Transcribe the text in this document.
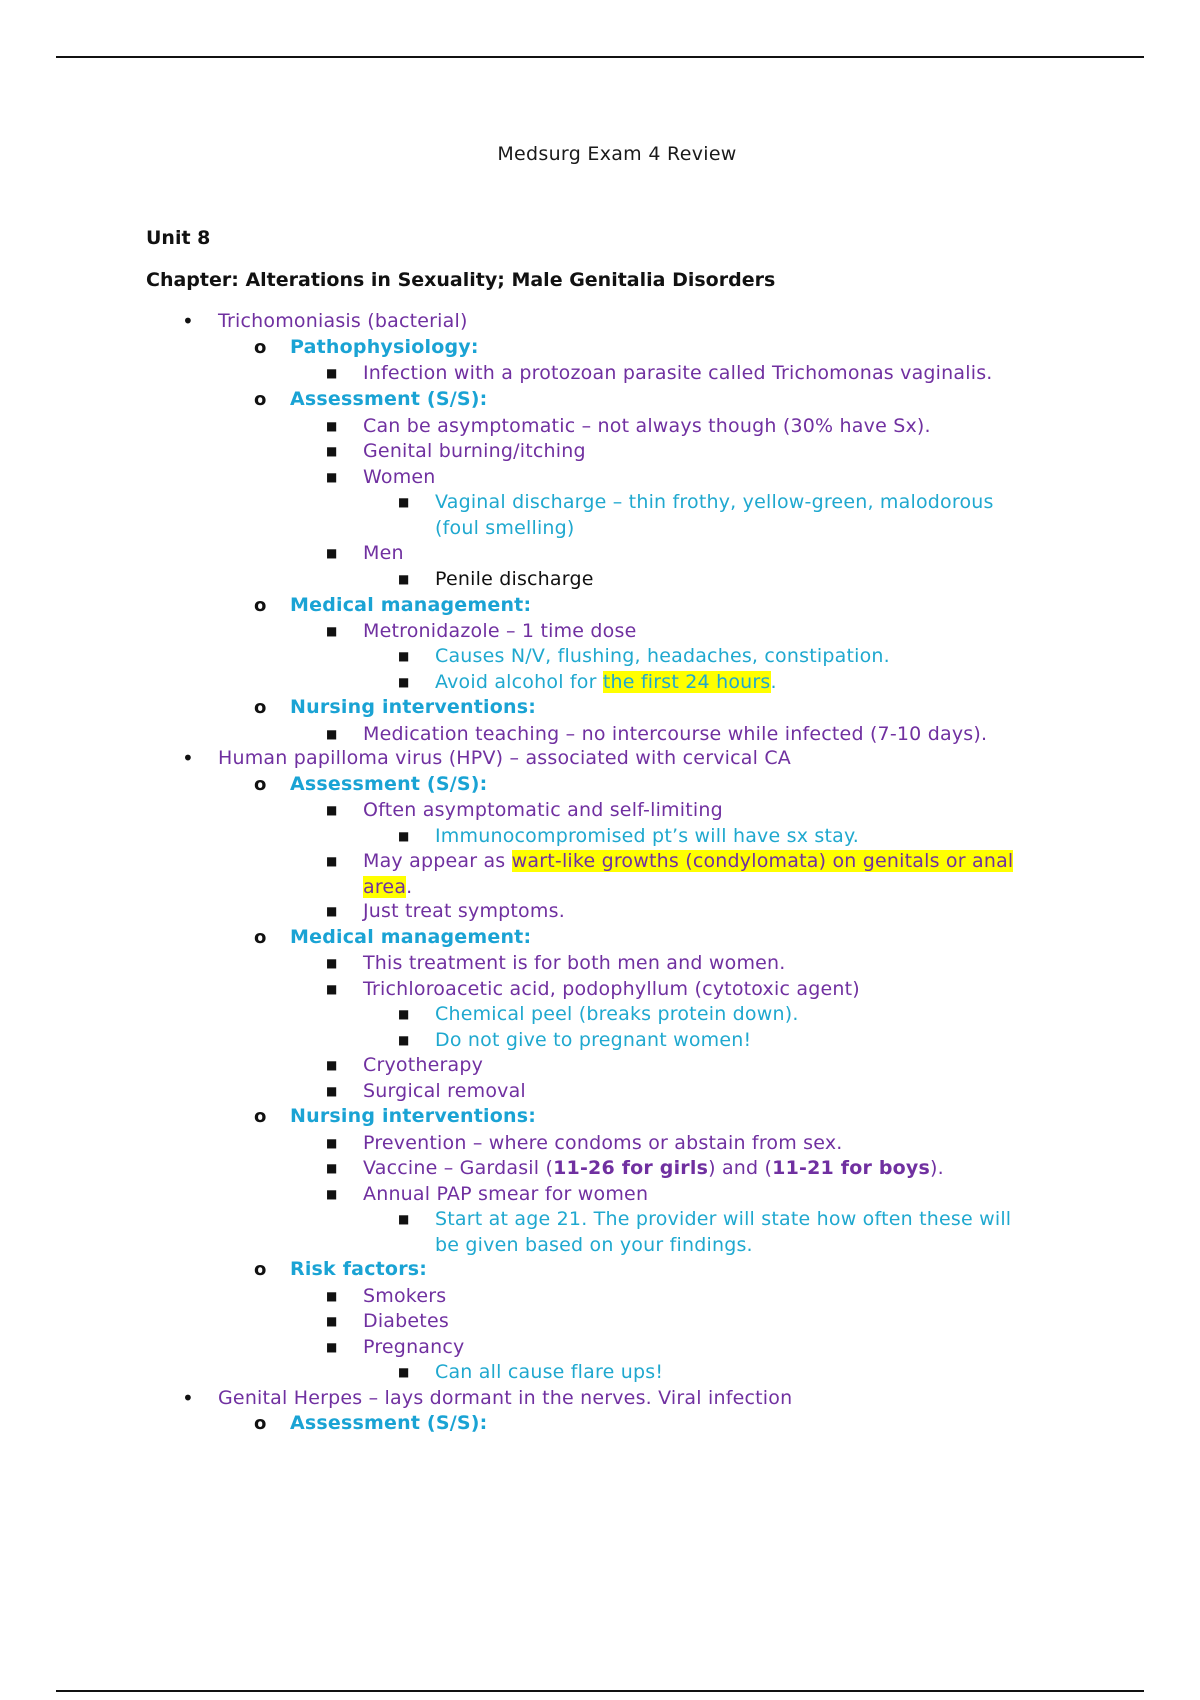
Medsurg Exam 4 Review
Unit 8
Chapter: Alterations in Sexuality; Male Genitalia Disorders
• Trichomoniasis (bacterial)
o Pathophysiology:
■ Infection with a protozoan parasite called Trichomonas vaginalis.
o Assessment (S/S):
■ Can be asymptomatic – not always though (30% have Sx).
■ Genital burning/itching
■ Women
■ Vaginal discharge – thin frothy, yellow-green, malodorous
(foul smelling)
■ Men
■ Penile discharge
o Medical management:
■ Metronidazole – 1 time dose
■ Causes N/V, flushing, headaches, constipation.
■ Avoid alcohol for the first 24 hours.
o Nursing interventions:
■ Medication teaching – no intercourse while infected (7-10 days).
• Human papilloma virus (HPV) – associated with cervical CA
o Assessment (S/S):
■ Often asymptomatic and self-limiting
■ Immunocompromised pt’s will have sx stay.
■ May appear as wart-like growths (condylomata) on genitals or anal
area.
■ Just treat symptoms.
o Medical management:
■ This treatment is for both men and women.
■ Trichloroacetic acid, podophyllum (cytotoxic agent)
■ Chemical peel (breaks protein down).
■ Do not give to pregnant women!
■ Cryotherapy
■ Surgical removal
o Nursing interventions:
■ Prevention – where condoms or abstain from sex.
■ Vaccine – Gardasil (11-26 for girls) and (11-21 for boys).
■ Annual PAP smear for women
■ Start at age 21. The provider will state how often these will
be given based on your findings.
o Risk factors:
■ Smokers
■ Diabetes
■ Pregnancy
■ Can all cause flare ups!
• Genital Herpes – lays dormant in the nerves. Viral infection
o Assessment (S/S):
